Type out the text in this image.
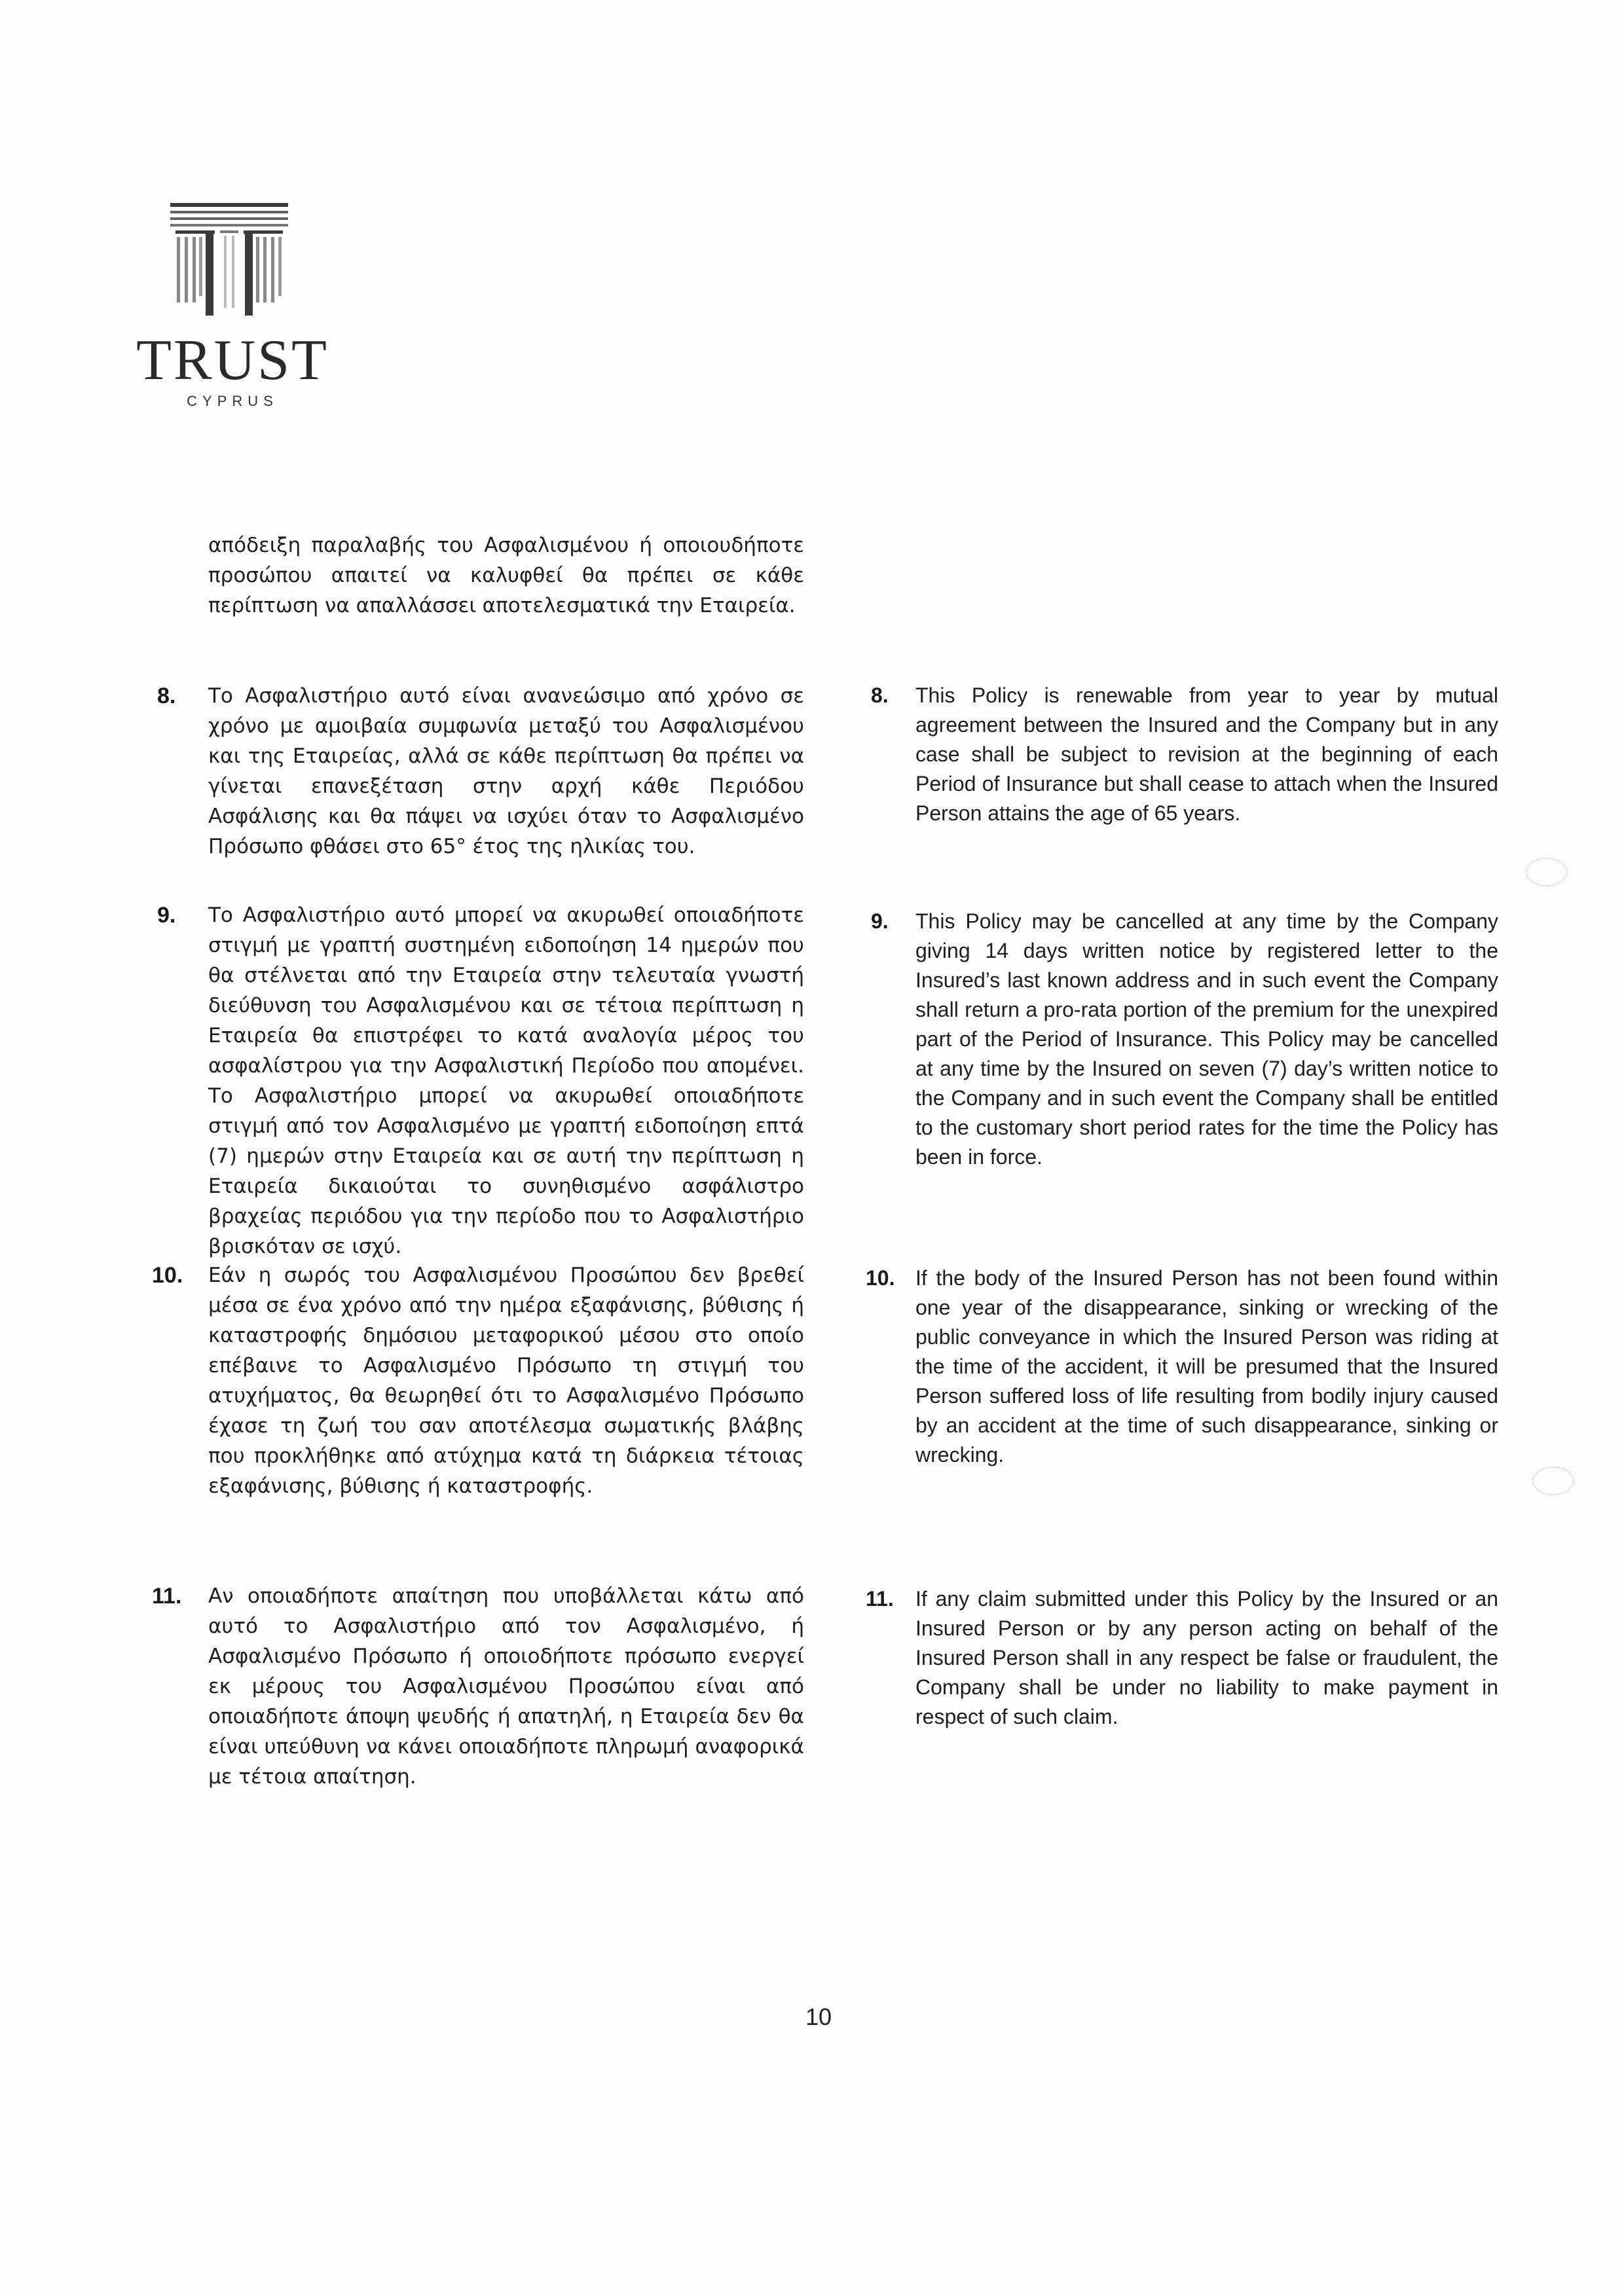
TRUST
CYPRUS
απόδειξη παραλαβής του Ασφαλισμένου ή οποιουδήποτε προσώπου απαιτεί να καλυφθεί θα πρέπει σε κάθε περίπτωση να απαλλάσσει αποτελεσματικά την Εταιρεία.
8. Το Ασφαλιστήριο αυτό είναι ανανεώσιμο από χρόνο σε χρόνο με αμοιβαία συμφωνία μεταξύ του Ασφαλισμένου και της Εταιρείας, αλλά σε κάθε περίπτωση θα πρέπει να γίνεται επανεξέταση στην αρχή κάθε Περιόδου Ασφάλισης και θα πάψει να ισχύει όταν το Ασφαλισμένο Πρόσωπο φθάσει στο 65° έτος της ηλικίας του.
9. Το Ασφαλιστήριο αυτό μπορεί να ακυρωθεί οποιαδήποτε στιγμή με γραπτή συστημένη ειδοποίηση 14 ημερών που θα στέλνεται από την Εταιρεία στην τελευταία γνωστή διεύθυνση του Ασφαλισμένου και σε τέτοια περίπτωση η Εταιρεία θα επιστρέφει το κατά αναλογία μέρος του ασφαλίστρου για την Ασφαλιστική Περίοδο που απομένει. Το Ασφαλιστήριο μπορεί να ακυρωθεί οποιαδήποτε στιγμή από τον Ασφαλισμένο με γραπτή ειδοποίηση επτά (7) ημερών στην Εταιρεία και σε αυτή την περίπτωση η Εταιρεία δικαιούται το συνηθισμένο ασφάλιστρο βραχείας περιόδου για την περίοδο που το Ασφαλιστήριο βρισκόταν σε ισχύ.
10. Εάν η σωρός του Ασφαλισμένου Προσώπου δεν βρεθεί μέσα σε ένα χρόνο από την ημέρα εξαφάνισης, βύθισης ή καταστροφής δημόσιου μεταφορικού μέσου στο οποίο επέβαινε το Ασφαλισμένο Πρόσωπο τη στιγμή του ατυχήματος, θα θεωρηθεί ότι το Ασφαλισμένο Πρόσωπο έχασε τη ζωή του σαν αποτέλεσμα σωματικής βλάβης που προκλήθηκε από ατύχημα κατά τη διάρκεια τέτοιας εξαφάνισης, βύθισης ή καταστροφής.
11. Αν οποιαδήποτε απαίτηση που υποβάλλεται κάτω από αυτό το Ασφαλιστήριο από τον Ασφαλισμένο, ή Ασφαλισμένο Πρόσωπο ή οποιοδήποτε πρόσωπο ενεργεί εκ μέρους του Ασφαλισμένου Προσώπου είναι από οποιαδήποτε άποψη ψευδής ή απατηλή, η Εταιρεία δεν θα είναι υπεύθυνη να κάνει οποιαδήποτε πληρωμή αναφορικά με τέτοια απαίτηση.
8. This Policy is renewable from year to year by mutual agreement between the Insured and the Company but in any case shall be subject to revision at the beginning of each Period of Insurance but shall cease to attach when the Insured Person attains the age of 65 years.
9. This Policy may be cancelled at any time by the Company giving 14 days written notice by registered letter to the Insured’s last known address and in such event the Company shall return a pro-rata portion of the premium for the unexpired part of the Period of Insurance. This Policy may be cancelled at any time by the Insured on seven (7) day’s written notice to the Company and in such event the Company shall be entitled to the customary short period rates for the time the Policy has been in force.
10. If the body of the Insured Person has not been found within one year of the disappearance, sinking or wrecking of the public conveyance in which the Insured Person was riding at the time of the accident, it will be presumed that the Insured Person suffered loss of life resulting from bodily injury caused by an accident at the time of such disappearance, sinking or wrecking.
11. If any claim submitted under this Policy by the Insured or an Insured Person or by any person acting on behalf of the Insured Person shall in any respect be false or fraudulent, the Company shall be under no liability to make payment in respect of such claim.
10
